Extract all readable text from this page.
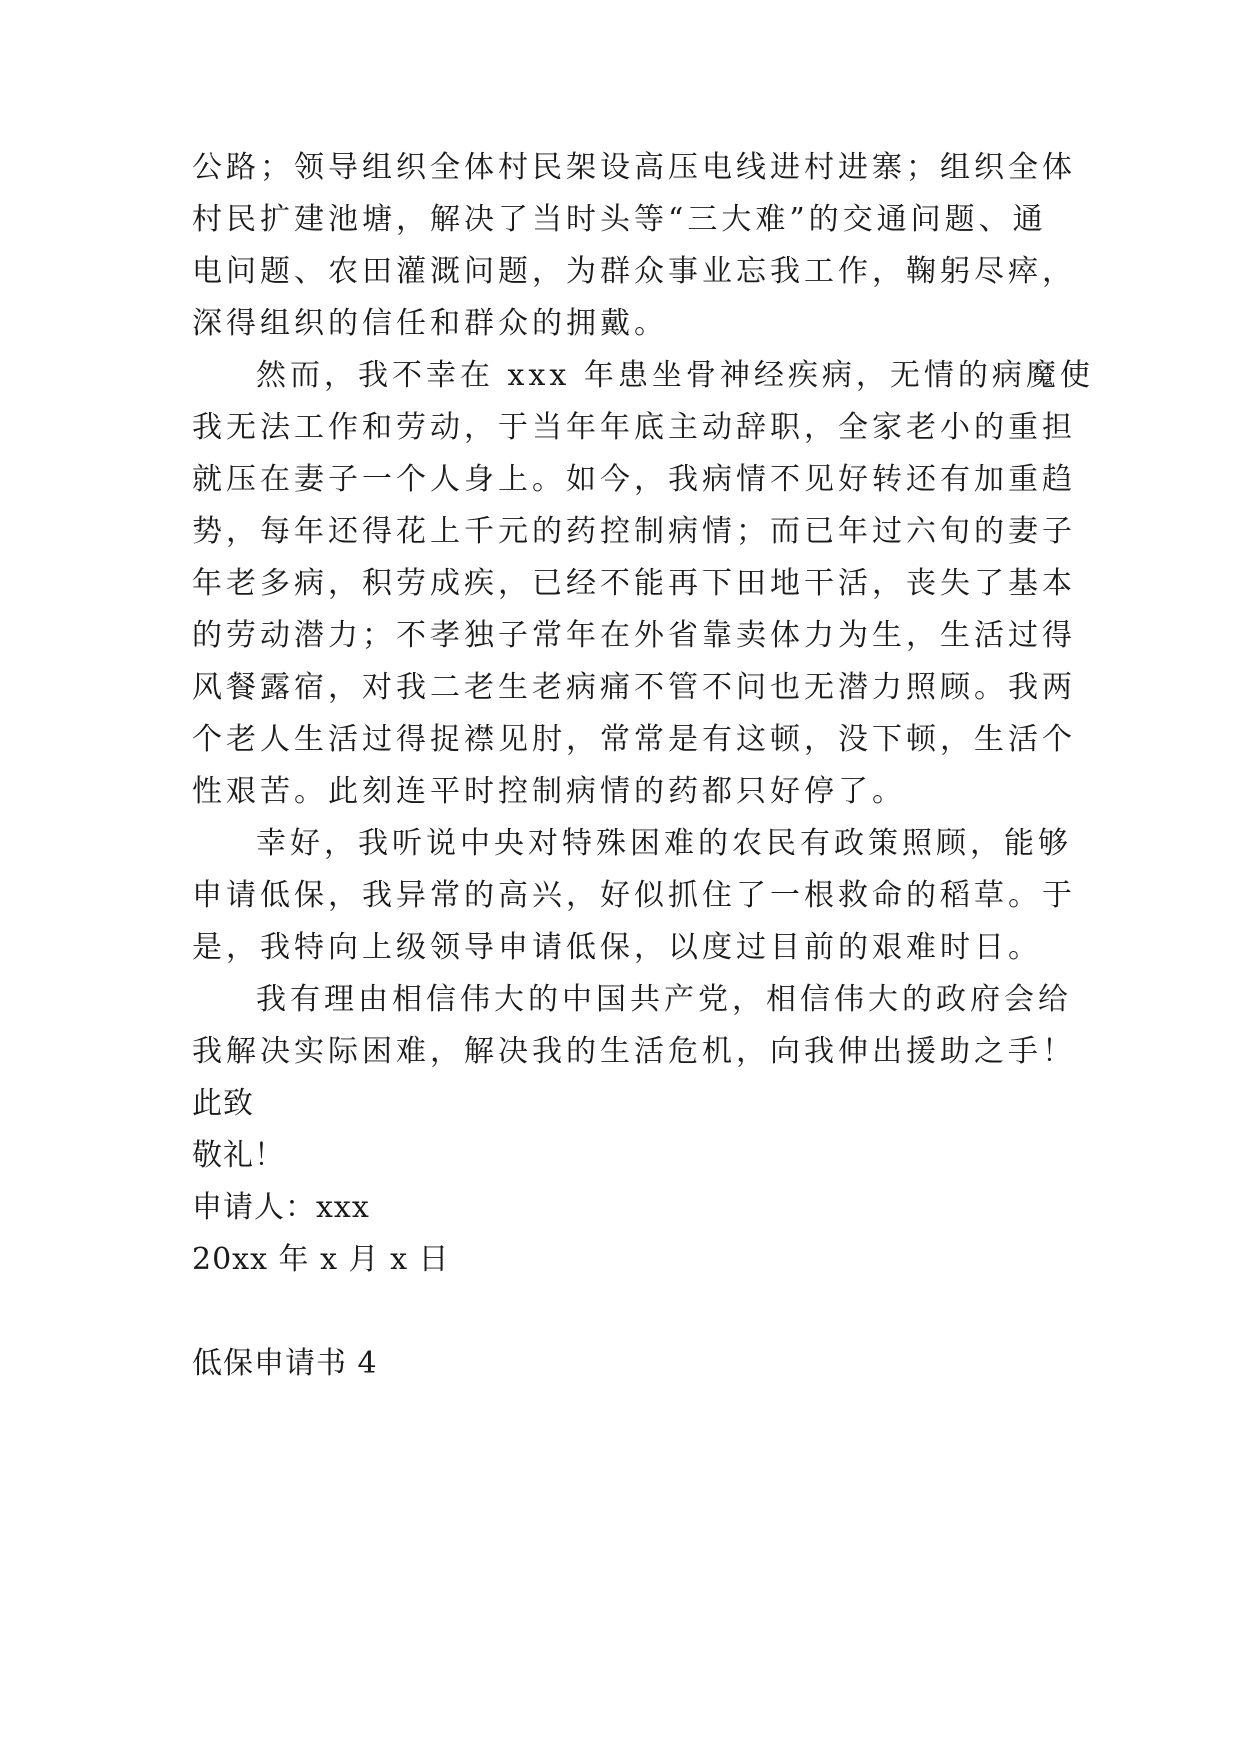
公路；领导组织全体村民架设高压电线进村进寨；组织全体
村民扩建池塘，解决了当时头等“三大难”的交通问题、通
电问题、农田灌溉问题，为群众事业忘我工作，鞠躬尽瘁，
深得组织的信任和群众的拥戴。
然而，我不幸在 xxx 年患坐骨神经疾病，无情的病魔使
我无法工作和劳动，于当年年底主动辞职，全家老小的重担
就压在妻子一个人身上。如今，我病情不见好转还有加重趋
势，每年还得花上千元的药控制病情；而已年过六旬的妻子
年老多病，积劳成疾，已经不能再下田地干活，丧失了基本
的劳动潜力；不孝独子常年在外省靠卖体力为生，生活过得
风餐露宿，对我二老生老病痛不管不问也无潜力照顾。我两
个老人生活过得捉襟见肘，常常是有这顿，没下顿，生活个
性艰苦。此刻连平时控制病情的药都只好停了。
幸好，我听说中央对特殊困难的农民有政策照顾，能够
申请低保，我异常的高兴，好似抓住了一根救命的稻草。于
是，我特向上级领导申请低保，以度过目前的艰难时日。
我有理由相信伟大的中国共产党，相信伟大的政府会给
我解决实际困难，解决我的生活危机，向我伸出援助之手！
此致
敬礼！
申请人：xxx
20xx 年 x 月 x 日
低保申请书 4
